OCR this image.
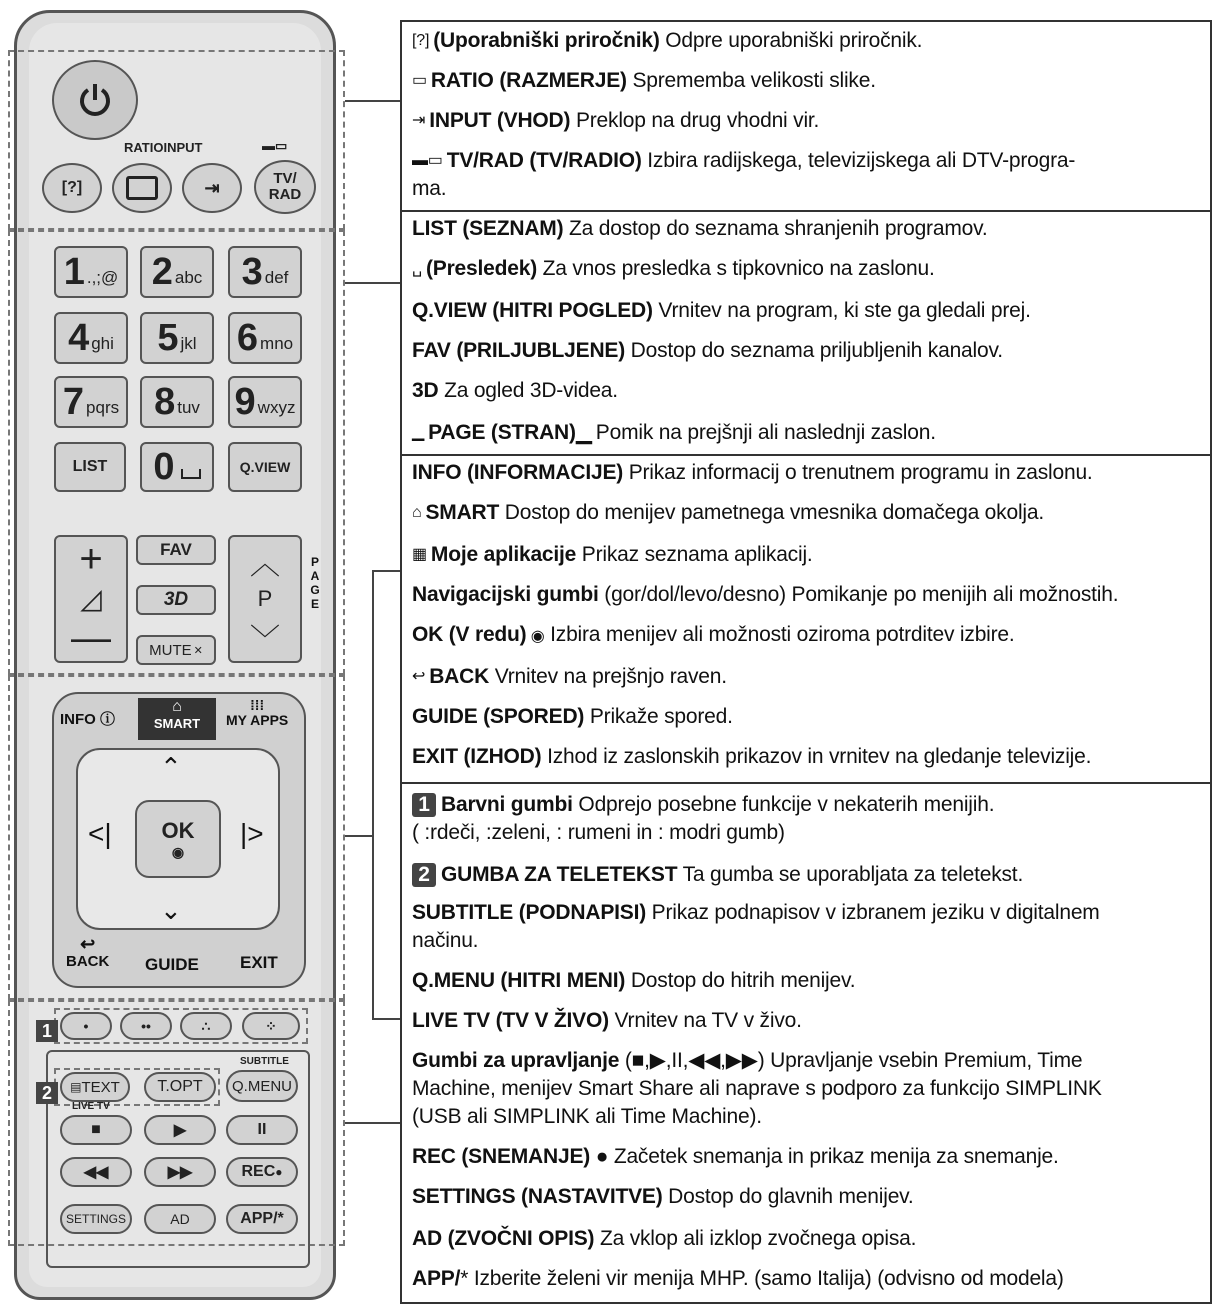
RATIOINPUT	▬▭
[?]	⇥	TV/
RAD
1 .,;@ 2 abc 3 def
4 ghi 5 jkl 6 mno
7 pqrs 8 tuv 9 wxyz
LIST 0	Q.VIEW
+
◿
—
FAV
3D
MUTE ✕
︿
P
﹀
PAGE
INFO ⓘ
⌂
SMART
⁞⁞⁞
MY APPS
⌃
⌄
<|	|>
OK
◉
↩
BACK GUIDE EXIT
1	•	••	∴	⁘
SUBTITLE
2 ▤ TEXT T.OPT Q.MENU
LIVE TV
■	▶	II
◀◀	▶▶	REC ●
SETTINGS	AD	APP/*
[?] (Uporabniški priročnik) Odpre uporabniški priročnik.
▭ RATIO (RAZMERJE) Sprememba velikosti slike.
⇥ INPUT (VHOD) Preklop na drug vhodni vir.
▬▭ TV/RAD (TV/RADIO) Izbira radijskega, televizijskega ali DTV-progra-
ma.
LIST (SEZNAM) Za dostop do seznama shranjenih programov.
␣ (Presledek) Za vnos presledka s tipkovnico na zaslonu.
Q.VIEW (HITRI POGLED) Vrnitev na program, ki ste ga gledali prej.
FAV (PRILJUBLJENE) Dostop do seznama priljubljenih kanalov.
3D Za ogled 3D-videa.
▁ PAGE (STRAN)▁Pomik na prejšnji ali naslednji zaslon.
INFO (INFORMACIJE) Prikaz informacij o trenutnem programu in zaslonu.
⌂ SMART Dostop do menijev pametnega vmesnika domačega okolja.
▦ Moje aplikacije Prikaz seznama aplikacij.
Navigacijski gumbi (gor/dol/levo/desno) Pomikanje po menijih ali možnostih.
OK (V redu) ◉ Izbira menijev ali možnosti oziroma potrditev izbire.
↩ BACK Vrnitev na prejšnjo raven.
GUIDE (SPORED) Prikaže spored.
EXIT (IZHOD) Izhod iz zaslonskih prikazov in vrnitev na gledanje televizije.
1 Barvni gumbi Odprejo posebne funkcije v nekaterih menijih.
( :rdeči, :zeleni, : rumeni in : modri gumb)
2 GUMBA ZA TELETEKST Ta gumba se uporabljata za teletekst.
SUBTITLE (PODNAPISI) Prikaz podnapisov v izbranem jeziku v digitalnem
načinu.
Q.MENU (HITRI MENI) Dostop do hitrih menijev.
LIVE TV (TV V ŽIVO) Vrnitev na TV v živo.
Gumbi za upravljanje (■,▶,II,◀◀,▶▶) Upravljanje vsebin Premium, Time
Machine, menijev Smart Share ali naprave s podporo za funkcijo SIMPLINK
(USB ali SIMPLINK ali Time Machine).
REC (SNEMANJE) ● Začetek snemanja in prikaz menija za snemanje.
SETTINGS (NASTAVITVE) Dostop do glavnih menijev.
AD (ZVOČNI OPIS) Za vklop ali izklop zvočnega opisa.
APP/* Izberite želeni vir menija MHP. (samo Italija) (odvisno od modela)
